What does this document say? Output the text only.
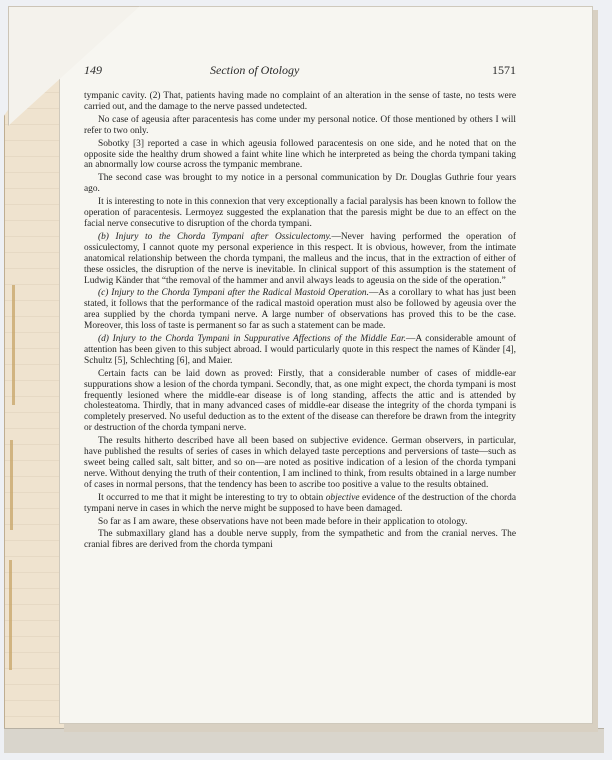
149	Section of Otology	1571

tympanic cavity. (2) That, patients having made no complaint of an alteration in the sense of taste, no tests were carried out, and the damage to the nerve passed undetected.

No case of ageusia after paracentesis has come under my personal notice. Of those mentioned by others I will refer to two only.

Sobotky [3] reported a case in which ageusia followed paracentesis on one side, and he noted that on the opposite side the healthy drum showed a faint white line which he interpreted as being the chorda tympani taking an abnormally low course across the tympanic membrane.

The second case was brought to my notice in a personal communication by Dr. Douglas Guthrie four years ago.

It is interesting to note in this connexion that very exceptionally a facial paralysis has been known to follow the operation of paracentesis. Lermoyez suggested the explanation that the paresis might be due to an effect on the facial nerve consecutive to disruption of the chorda tympani.

(b) Injury to the Chorda Tympani after Ossiculectomy.—Never having performed the operation of ossiculectomy, I cannot quote my personal experience in this respect. It is obvious, however, from the intimate anatomical relationship between the chorda tympani, the malleus and the incus, that in the extraction of either of these ossicles, the disruption of the nerve is inevitable. In clinical support of this assumption is the statement of Ludwig Kӓnder that “the removal of the hammer and anvil always leads to ageusia on the side of the operation.”

(c) Injury to the Chorda Tympani after the Radical Mastoid Operation.—As a corollary to what has just been stated, it follows that the performance of the radical mastoid operation must also be followed by ageusia over the area supplied by the chorda tympani nerve. A large number of observations has proved this to be the case. Moreover, this loss of taste is permanent so far as such a statement can be made.

(d) Injury to the Chorda Tympani in Suppurative Affections of the Middle Ear.—A considerable amount of attention has been given to this subject abroad. I would particularly quote in this respect the names of Kӓnder [4], Schultz [5], Schlechting [6], and Maier.

Certain facts can be laid down as proved: Firstly, that a considerable number of cases of middle-ear suppurations show a lesion of the chorda tympani. Secondly, that, as one might expect, the chorda tympani is most frequently lesioned where the middle-ear disease is of long standing, affects the attic and is attended by cholesteatoma. Thirdly, that in many advanced cases of middle-ear disease the integrity of the chorda tympani is completely preserved. No useful deduction as to the extent of the disease can therefore be drawn from the integrity or destruction of the chorda tympani nerve.

The results hitherto described have all been based on subjective evidence. German observers, in particular, have published the results of series of cases in which delayed taste perceptions and perversions of taste—such as sweet being called salt, salt bitter, and so on—are noted as positive indication of a lesion of the chorda tympani nerve. Without denying the truth of their contention, I am inclined to think, from results obtained in a large number of cases in normal persons, that the tendency has been to ascribe too positive a value to the results obtained.

It occurred to me that it might be interesting to try to obtain objective evidence of the destruction of the chorda tympani nerve in cases in which the nerve might be supposed to have been damaged.

So far as I am aware, these observations have not been made before in their application to otology.

The submaxillary gland has a double nerve supply, from the sympathetic and from the cranial nerves. The cranial fibres are derived from the chorda tympani
